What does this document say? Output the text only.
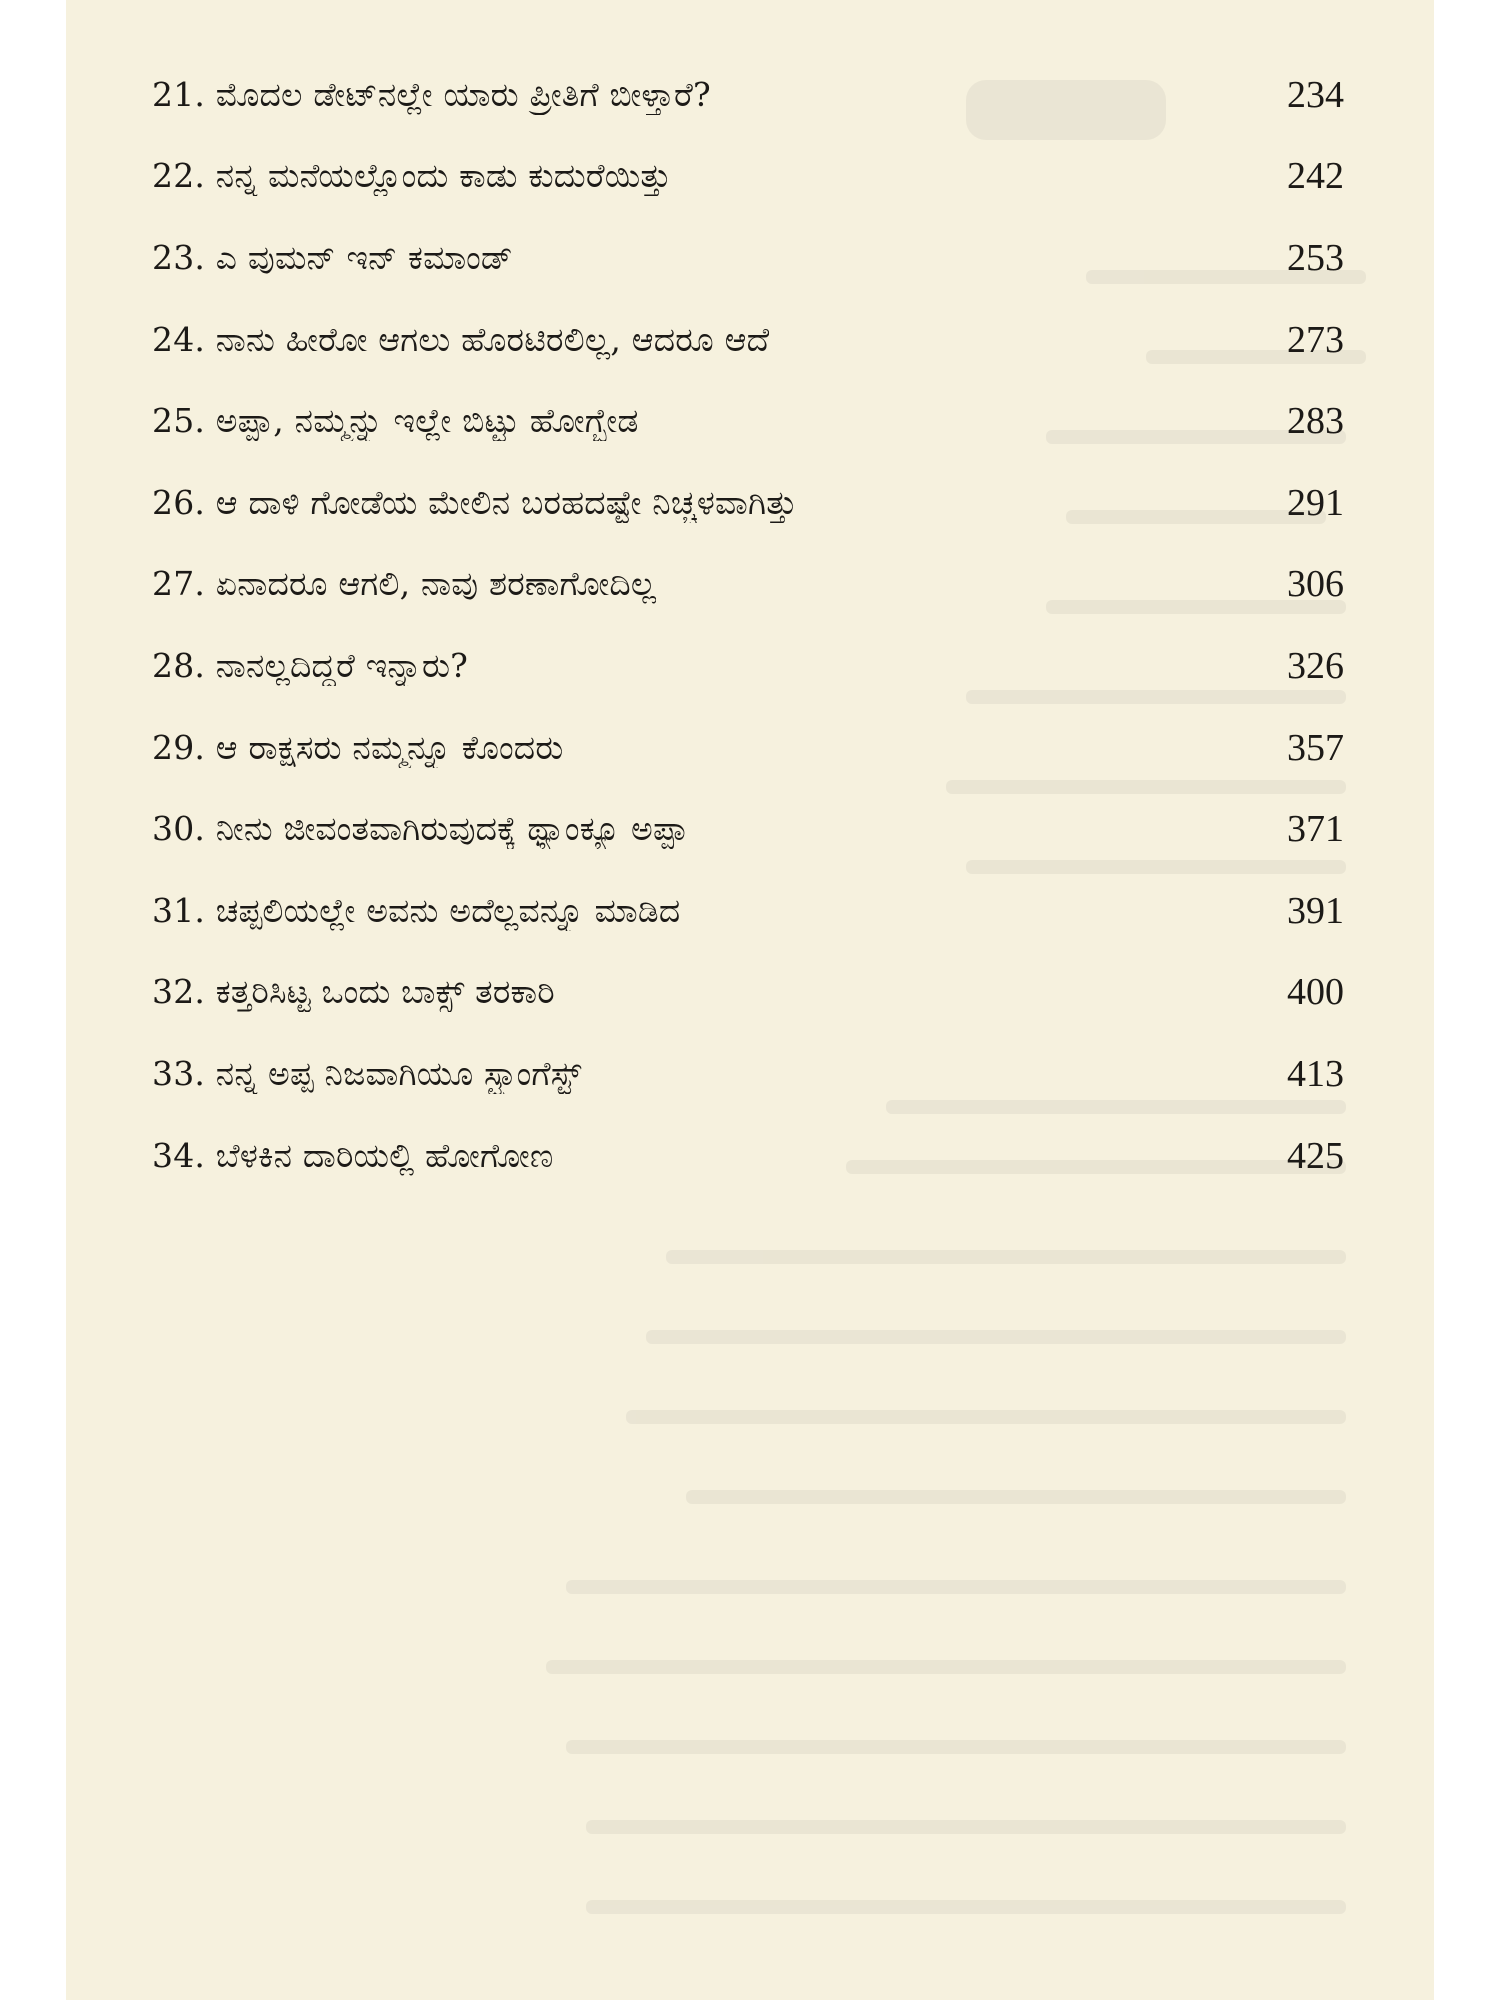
21. ಮೊದಲ ಡೇಟ್‌ನಲ್ಲೇ ಯಾರು ಪ್ರೀತಿಗೆ ಬೀಳ್ತಾರೆ?	234
22. ನನ್ನ ಮನೆಯಲ್ಲೊಂದು ಕಾಡು ಕುದುರೆಯಿತ್ತು	242
23. ಎ ವುಮನ್ ಇನ್ ಕಮಾಂಡ್	253
24. ನಾನು ಹೀರೋ ಆಗಲು ಹೊರಟಿರಲಿಲ್ಲ, ಆದರೂ ಆದೆ	273
25. ಅಪ್ಪಾ, ನಮ್ಮನ್ನು ಇಲ್ಲೇ ಬಿಟ್ಟು ಹೋಗ್ಬೇಡ	283
26. ಆ ದಾಳಿ ಗೋಡೆಯ ಮೇಲಿನ ಬರಹದಷ್ಟೇ ನಿಚ್ಚಳವಾಗಿತ್ತು	291
27. ಏನಾದರೂ ಆಗಲಿ, ನಾವು ಶರಣಾಗೋದಿಲ್ಲ	306
28. ನಾನಲ್ಲದಿದ್ದರೆ ಇನ್ನಾರು?	326
29. ಆ ರಾಕ್ಷಸರು ನಮ್ಮನ್ನೂ ಕೊಂದರು	357
30. ನೀನು ಜೀವಂತವಾಗಿರುವುದಕ್ಕೆ ಥ್ಯಾಂಕ್ಯೂ ಅಪ್ಪಾ	371
31. ಚಪ್ಪಲಿಯಲ್ಲೇ ಅವನು ಅದೆಲ್ಲವನ್ನೂ ಮಾಡಿದ	391
32. ಕತ್ತರಿಸಿಟ್ಟ ಒಂದು ಬಾಕ್ಸ್ ತರಕಾರಿ	400
33. ನನ್ನ ಅಪ್ಪ ನಿಜವಾಗಿಯೂ ಸ್ಟ್ರಾಂಗೆಸ್ಟ್	413
34. ಬೆಳಕಿನ ದಾರಿಯಲ್ಲಿ ಹೋಗೋಣ	425
